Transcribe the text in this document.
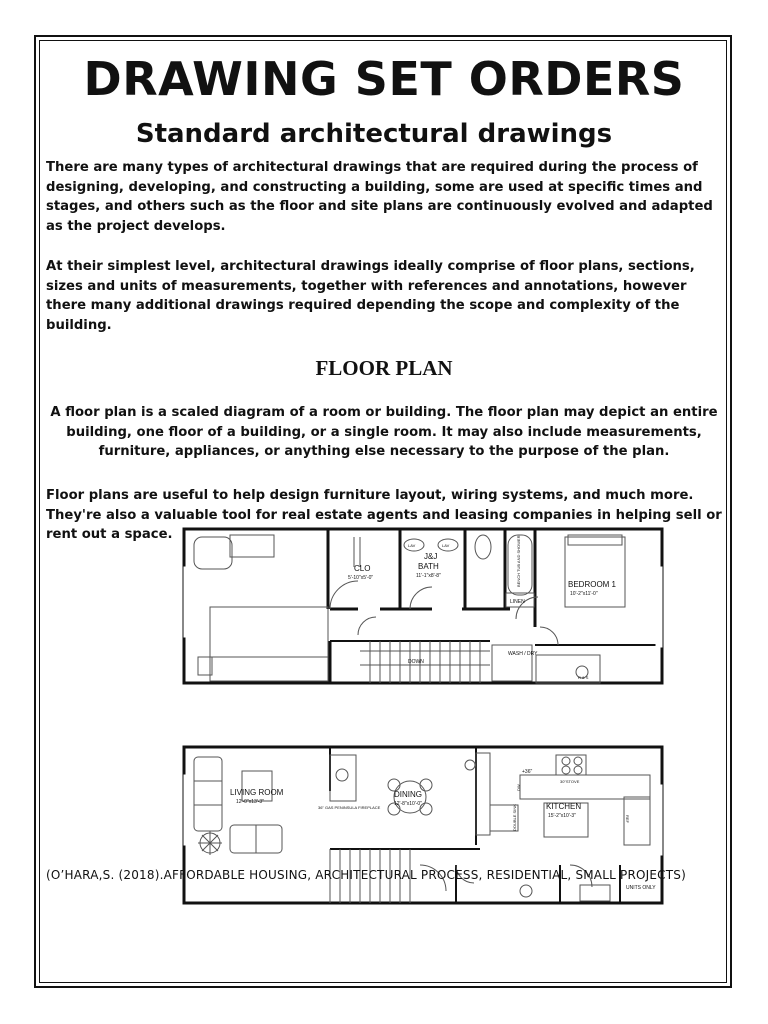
DRAWING SET ORDERS
Standard architectural drawings

There are many types of architectural drawings that are required during the process of designing, developing, and constructing a building, some are used at specific times and stages, and others such as the floor and site plans are continuously evolved and adapted as the project develops.

At their simplest level, architectural drawings ideally comprise of floor plans, sections, sizes and units of measurements, together with references and annotations, however there many additional drawings required depending the scope and complexity of the building.

FLOOR PLAN

A floor plan is a scaled diagram of a room or building. The floor plan may depict an entire building, one floor of a building, or a single room. It may also include measurements, furniture, appliances, or anything else necessary to the purpose of the plan.

Floor plans are useful to help design furniture layout, wiring systems, and much more. They're also a valuable tool for real estate agents and leasing companies in helping sell or rent out a space.

CLO
5'-10"x5'-0"
J&J
BATH
11'-1"x8'-8"
LAV	LAV
BEDROOM 1
10'-2"x11'-0"
LINEN
WASH / DRY
DOWN
BENCH TUB AND SHOWER
R & S
LIVING ROOM
12'-0"x13'-3"
DINING
12'-8"x10'-0"	KITCHEN
15'-2"x10'-3"
36" GAS PENINSULA FIREPLACE
30"STOVE
+36"
DOUBLE SINK
DW
REF
UNITS ONLY
(O’HARA,S. (2018).AFFORDABLE HOUSING, ARCHITECTURAL PROCESS, RESIDENTIAL, SMALL PROJECTS)
